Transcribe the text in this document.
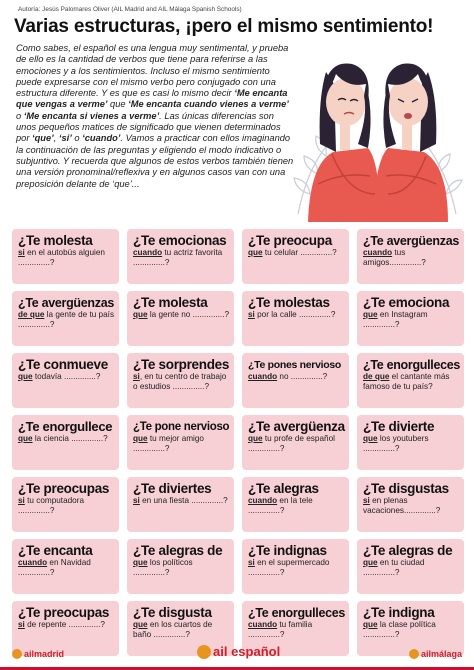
Autoría: Jesús Palomares Oliver (AIL Madrid and AIL Málaga Spanish Schools)
Varias estructuras, ¡pero el mismo sentimiento!

Como sabes, el español es una lengua muy sentimental, y prueba de ello es la cantidad de verbos que tiene para referirse a las emociones y a los sentimientos. Incluso el mismo sentimiento puede expresarse con el mismo verbo pero conjugado con una estructura diferente. Y es que es casi lo mismo decir ‘Me encanta que vengas a verme’ que ‘Me encanta cuando vienes a verme’ o ‘Me encanta si vienes a verme’. Las únicas diferencias son unos pequeños matices de significado que vienen determinados por ‘que’, ‘si’ o ‘cuando’. Vamos a practicar con ellos imaginando la continuación de las preguntas y eligiendo el modo indicativo o subjuntivo. Y recuerda que algunos de estos verbos también tienen una versión pronominal/reflexiva y en algunos casos van con una preposición delante de ‘que’...

¿Te molesta
si en el autobús alguien ..............?
¿Te emocionas
cuando tu actriz favorita ..............?
¿Te preocupa
que tu celular ..............?
¿Te avergüenzas
cuando tus amigos..............?
¿Te avergüenzas
de que la gente de tu país ..............?
¿Te molesta
que la gente no ..............?
¿Te molestas
si por la calle ..............?
¿Te emociona
que en Instagram ..............?
¿Te conmueve
que todavía ..............?
¿Te sorprendes
si, en tu centro de trabajo o estudios ..............?
¿Te pones nervioso
cuando no ..............?
¿Te enorgulleces
de que el cantante más famoso de tu país?
¿Te enorgullece
que la ciencia ..............?
¿Te pone nervioso
que tu mejor amigo ..............?
¿Te avergüenza
que tu profe de español ..............?
¿Te divierte
que los youtubers ..............?
¿Te preocupas
si tu computadora ..............?
¿Te diviertes
si en una fiesta ..............?
¿Te alegras
cuando en la tele ..............?
¿Te disgustas
si en plenas vacaciones..............?
¿Te encanta
cuando en Navidad ..............?
¿Te alegras de
que los políticos ..............?
¿Te indignas
si en el supermercado ..............?
¿Te alegras de
que en tu ciudad ..............?
¿Te preocupas
si de repente ..............?
¿Te disgusta
que en los cuartos de baño ..............?
¿Te enorgulleces
cuando tu familia ..............?
¿Te indigna
que la clase política ..............?
ailmadrid	ail español	ailmálaga
